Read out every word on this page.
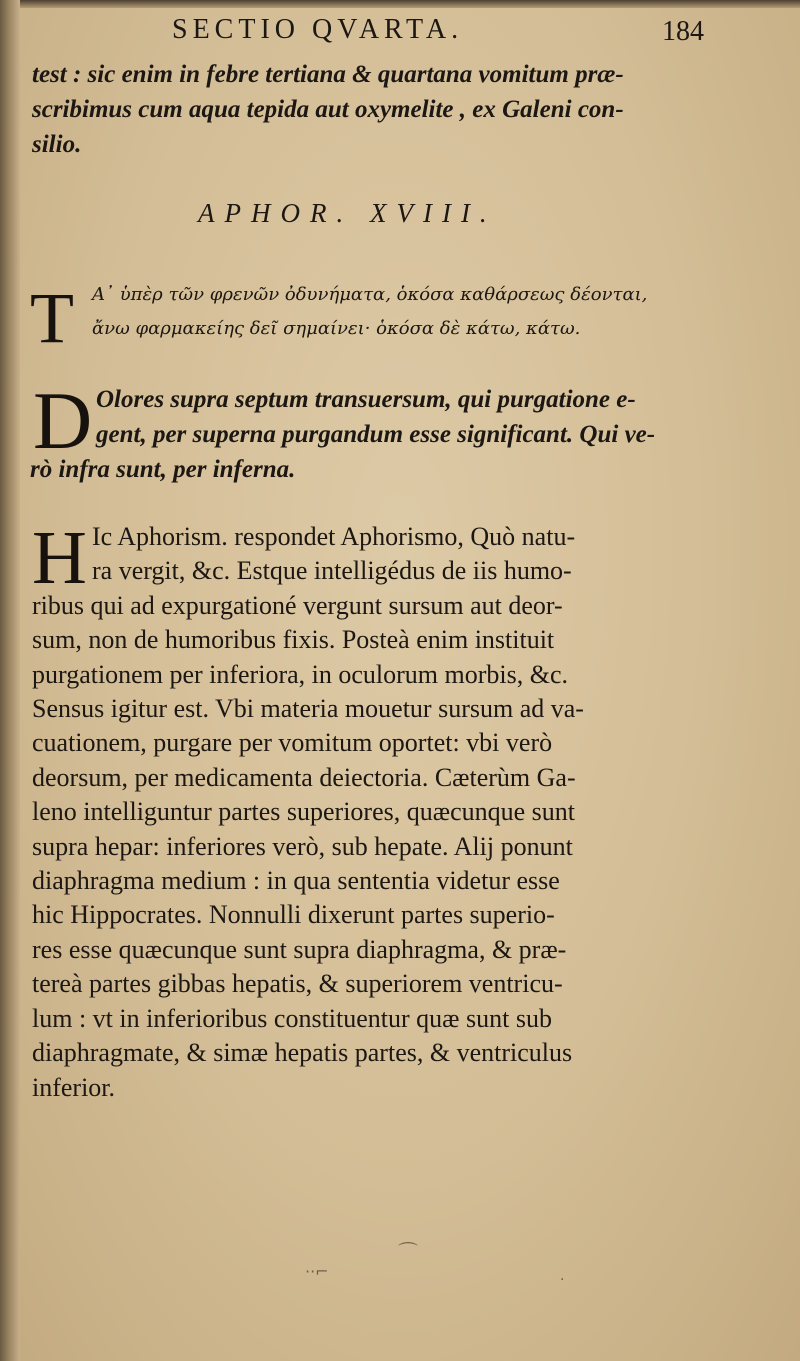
SECTIO QVARTA.	184
test : sic enim in febre tertiana & quartana vomitum præ-
scribimus cum aqua tepida aut oxymelite , ex Galeni con-
silio.
APHOR. XVIII.
T Α᾽ ὑπὲρ τῶν φρενῶν ὀδυνήματα, ὁκόσα καθάρσεως δέονται,
ἄνω φαρμακείης δεῖ σημαίνει· ὁκόσα δὲ κάτω, κάτω.
D Olores supra septum transuersum, qui purgatione e-
gent, per superna purgandum esse significant. Qui ve-
rò infra sunt, per inferna.
H Ic Aphorism. respondet Aphorismo, Quò natu-
ra vergit, &c. Estque intelligédus de iis humo-
ribus qui ad expurgationé vergunt sursum aut deor-
sum, non de humoribus fixis. Posteà enim instituit
purgationem per inferiora, in oculorum morbis, &c.
Sensus igitur est. Vbi materia mouetur sursum ad va-
cuationem, purgare per vomitum oportet: vbi verò
deorsum, per medicamenta deiectoria. Cæterùm Ga-
leno intelliguntur partes superiores, quæcunque sunt
supra hepar: inferiores verò, sub hepate. Alij ponunt
diaphragma medium : in qua sententia videtur esse
hic Hippocrates. Nonnulli dixerunt partes superio-
res esse quæcunque sunt supra diaphragma, & præ-
tereà partes gibbas hepatis, & superiorem ventricu-
lum : vt in inferioribus constituentur quæ sunt sub
diaphragmate, & simæ hepatis partes, & ventriculus
inferior.
⌒
··⌐	·
